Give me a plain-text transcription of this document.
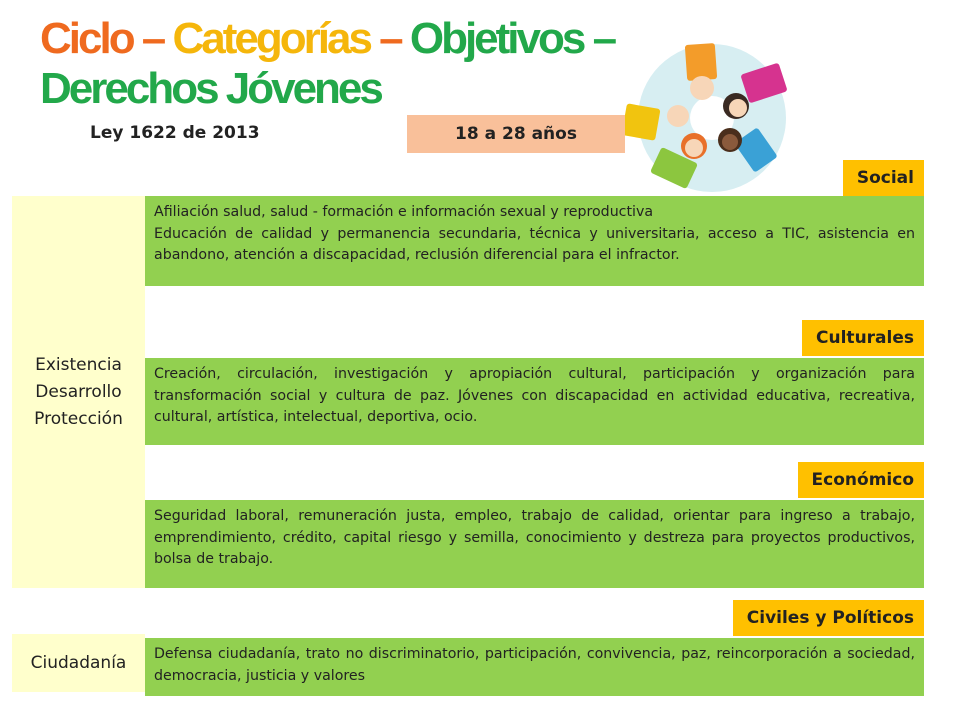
Ciclo – Categorías – Objetivos –
Derechos Jóvenes
Ley 1622 de 2013	18 a 28 años
Existencia
Desarrollo
Protección
Ciudadanía
Social

Afiliación salud, salud - formación e información sexual y reproductiva

Educación de calidad y permanencia secundaria, técnica y universitaria, acceso a TIC, asistencia en abandono, atención a discapacidad, reclusión diferencial para el infractor.

Culturales

Creación, circulación, investigación y apropiación cultural, participación y organización para transformación social y cultura de paz. Jóvenes con discapacidad en actividad educativa, recreativa, cultural, artística, intelectual, deportiva, ocio.

Económico

Seguridad laboral, remuneración justa, empleo, trabajo de calidad, orientar para ingreso a trabajo, emprendimiento, crédito, capital riesgo y semilla, conocimiento y destreza para proyectos productivos, bolsa de trabajo.

Civiles y Políticos

Defensa ciudadanía, trato no discriminatorio, participación, convivencia, paz, reincorporación a sociedad, democracia, justicia y valores
